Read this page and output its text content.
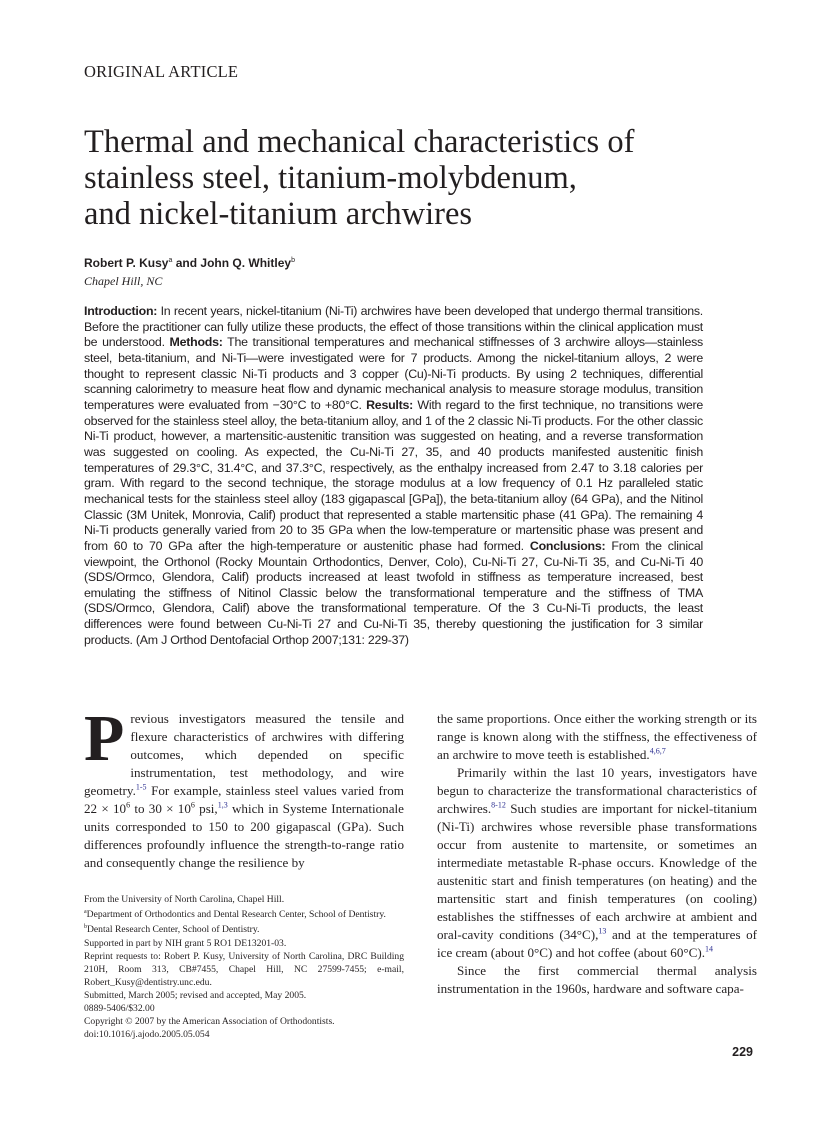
ORIGINAL ARTICLE
Thermal and mechanical characteristics of
stainless steel, titanium-molybdenum,
and nickel-titanium archwires
Robert P. Kusy$^a$ and John Q. Whitley$^b$
Chapel Hill, NC
Introduction: In recent years, nickel-titanium (Ni-Ti) archwires have been developed that undergo thermal transitions. Before the practitioner can fully utilize these products, the effect of those transitions within the clinical application must be understood. Methods: The transitional temperatures and mechanical stiffnesses of 3 archwire alloys—stainless steel, beta-titanium, and Ni-Ti—were investigated were for 7 products. Among the nickel-titanium alloys, 2 were thought to represent classic Ni-Ti products and 3 copper (Cu)-Ni-Ti products. By using 2 techniques, differential scanning calorimetry to measure heat flow and dynamic mechanical analysis to measure storage modulus, transition temperatures were evaluated from −30°C to +80°C. Results: With regard to the first technique, no transitions were observed for the stainless steel alloy, the beta-titanium alloy, and 1 of the 2 classic Ni-Ti products. For the other classic Ni-Ti product, however, a martensitic-austenitic transition was suggested on heating, and a reverse transformation was suggested on cooling. As expected, the Cu-Ni-Ti 27, 35, and 40 products manifested austenitic finish temperatures of 29.3°C, 31.4°C, and 37.3°C, respectively, as the enthalpy increased from 2.47 to 3.18 calories per gram. With regard to the second technique, the storage modulus at a low frequency of 0.1 Hz paralleled static mechanical tests for the stainless steel alloy (183 gigapascal [GPa]), the beta-titanium alloy (64 GPa), and the Nitinol Classic (3M Unitek, Monrovia, Calif) product that represented a stable martensitic phase (41 GPa). The remaining 4 Ni-Ti products generally varied from 20 to 35 GPa when the low-temperature or martensitic phase was present and from 60 to 70 GPa after the high-temperature or austenitic phase had formed. Conclusions: From the clinical viewpoint, the Orthonol (Rocky Mountain Orthodontics, Denver, Colo), Cu-Ni-Ti 27, Cu-Ni-Ti 35, and Cu-Ni-Ti 40 (SDS/Ormco, Glendora, Calif) products increased at least twofold in stiffness as temperature increased, best emulating the stiffness of Nitinol Classic below the transformational temperature and the stiffness of TMA (SDS/Ormco, Glendora, Calif) above the transformational temperature. Of the 3 Cu-Ni-Ti products, the least differences were found between Cu-Ni-Ti 27 and Cu-Ni-Ti 35, thereby questioning the justification for 3 similar products. (Am J Orthod Dentofacial Orthop 2007;131: 229-37)

Previous investigators measured the tensile and flexure characteristics of archwires with differing outcomes, which depended on specific instrumentation, test methodology, and wire geometry.$^{1-5}$ For example, stainless steel values varied from $22 \times 10^6$ to $30 \times 10^6$ psi,$^{1,3}$ which in Systeme Internationale units corresponded to 150 to 200 gigapascal (GPa). Such differences profoundly influence the strength-to-range ratio and consequently change the resilience by

the same proportions. Once either the working strength or its range is known along with the stiffness, the effectiveness of an archwire to move teeth is established.$^{4,6,7}$

Primarily within the last 10 years, investigators have begun to characterize the transformational characteristics of archwires.$^{8-12}$ Such studies are important for nickel-titanium (Ni-Ti) archwires whose reversible phase transformations occur from austenite to martensite, or sometimes an intermediate metastable R-phase occurs. Knowledge of the austenitic start and finish temperatures (on heating) and the martensitic start and finish temperatures (on cooling) establishes the stiffnesses of each archwire at ambient and oral-cavity conditions (34°C),$^{13}$ and at the temperatures of ice cream (about 0°C) and hot coffee (about 60°C).$^{14}$

Since the first commercial thermal analysis instrumentation in the 1960s, hardware and software capa-

From the University of North Carolina, Chapel Hill.
$^a$Department of Orthodontics and Dental Research Center, School of Dentistry.
$^b$Dental Research Center, School of Dentistry.
Supported in part by NIH grant 5 RO1 DE13201-03.
Reprint requests to: Robert P. Kusy, University of North Carolina, DRC Building 210H, Room 313, CB#7455, Chapel Hill, NC 27599-7455; e-mail, Robert_Kusy@dentistry.unc.edu.
Submitted, March 2005; revised and accepted, May 2005.
0889-5406/$32.00
Copyright © 2007 by the American Association of Orthodontists.
doi:10.1016/j.ajodo.2005.05.054
229
